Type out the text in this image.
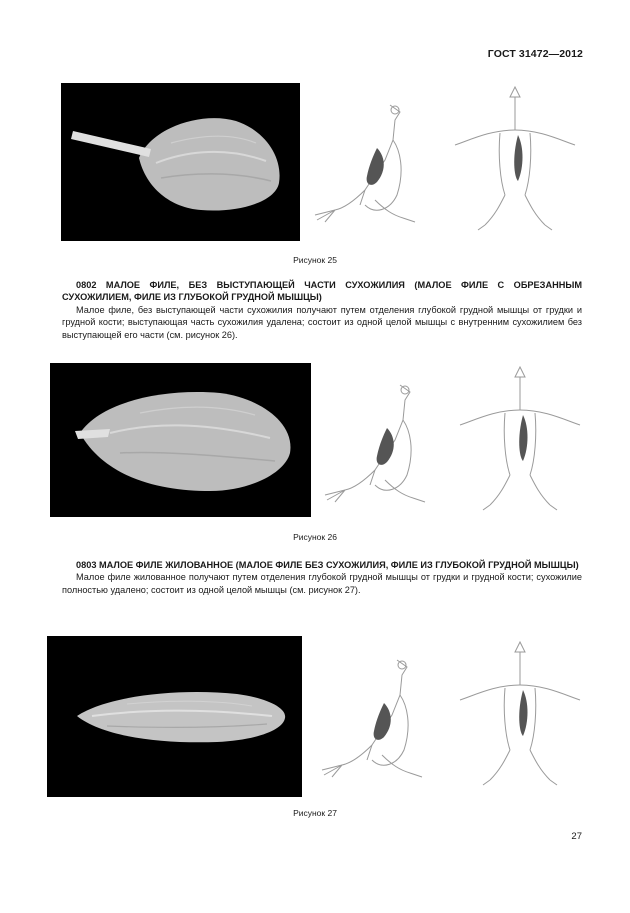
ГОСТ 31472—2012
Рисунок 25
0802 МАЛОЕ ФИЛЕ, БЕЗ ВЫСТУПАЮЩЕЙ ЧАСТИ СУХОЖИЛИЯ (МАЛОЕ ФИЛЕ С ОБРЕЗАННЫМ СУХОЖИЛИЕМ, ФИЛЕ ИЗ ГЛУБОКОЙ ГРУДНОЙ МЫШЦЫ)
Малое филе, без выступающей части сухожилия получают путем отделения глубокой грудной мышцы от грудки и грудной кости; выступающая часть сухожилия удалена; состоит из одной целой мышцы с внутренним сухожилием без выступающей его части (см. рисунок 26).
Рисунок 26
0803 МАЛОЕ ФИЛЕ ЖИЛОВАННОЕ (МАЛОЕ ФИЛЕ БЕЗ СУХОЖИЛИЯ, ФИЛЕ ИЗ ГЛУБОКОЙ ГРУДНОЙ МЫШЦЫ)
Малое филе жилованное получают путем отделения глубокой грудной мышцы от грудки и грудной кости; сухожилие полностью удалено; состоит из одной целой мышцы (см. рисунок 27).
Рисунок 27
27
